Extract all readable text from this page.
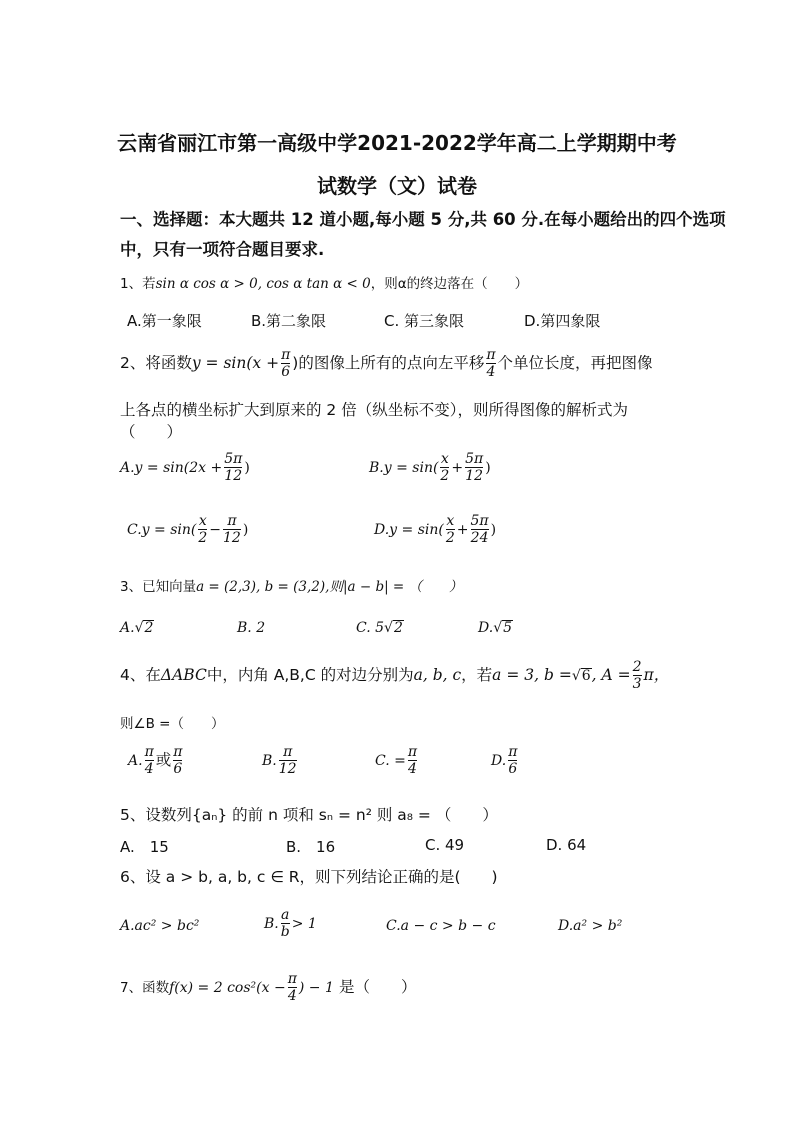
云南省丽江市第一高级中学2021-2022学年高二上学期期中考
试数学（文）试卷
一、选择题：本大题共 12 道小题,每小题 5 分,共 60 分.在每小题给出的四个选项
中，只有一项符合题目要求.
1、若sin α cos α > 0, cos α tan α < 0，则α的终边落在（　　）
A.第一象限	B.第二象限	C. 第三象限	D.第四象限
2、将函数$y = \sin(x + \frac{\pi}{6}$ )的图像上所有的点向左平移 $\frac{\pi}{4}$ 个单位长度，再把图像
上各点的横坐标扩大到原来的 2 倍（纵坐标不变），则所得图像的解析式为
（　　）
$A.y = \sin(2x + \frac{5\pi}{12}$ )	$B.y = \sin( \frac{x}{2} + \frac{5\pi}{12}$ )
$C.y = \sin( \frac{x}{2} - \frac{\pi}{12}$ )	$D.y = \sin( \frac{x}{2} + \frac{5\pi}{24}$ )
3、已知向量a = (2,3), b = (3,2),则|a − b| = （　　）
A.√2	B. 2	C. 5√2	D.√5
4、在ΔABC中，内角 A,B,C 的对边分别为a, b, c，若a = 3, b =√6, $A = \frac{2}{3}$ π，
则∠B =（　　）
A. $\frac{\pi}{4}$ 或 $\frac{\pi}{6}$	B. $\frac{\pi}{12}$	C. = $\frac{\pi}{4}$	D. $\frac{\pi}{6}$
5、设数列{aₙ} 的前 n 项和 sₙ = n² 则 a₈ = （　　）
A.　15	B.　16	C. 49	D. 64
6、设 a > b, a, b, c ∈ R，则下列结论正确的是(　　)
A.ac² > bc²	B. $\frac{a}{b} > 1$	C.a − c > b − c	D.a² > b²
7、函数f(x) = 2 $\cos^2(x - \frac{\pi}{4}$ ) − 1 是（　　）
